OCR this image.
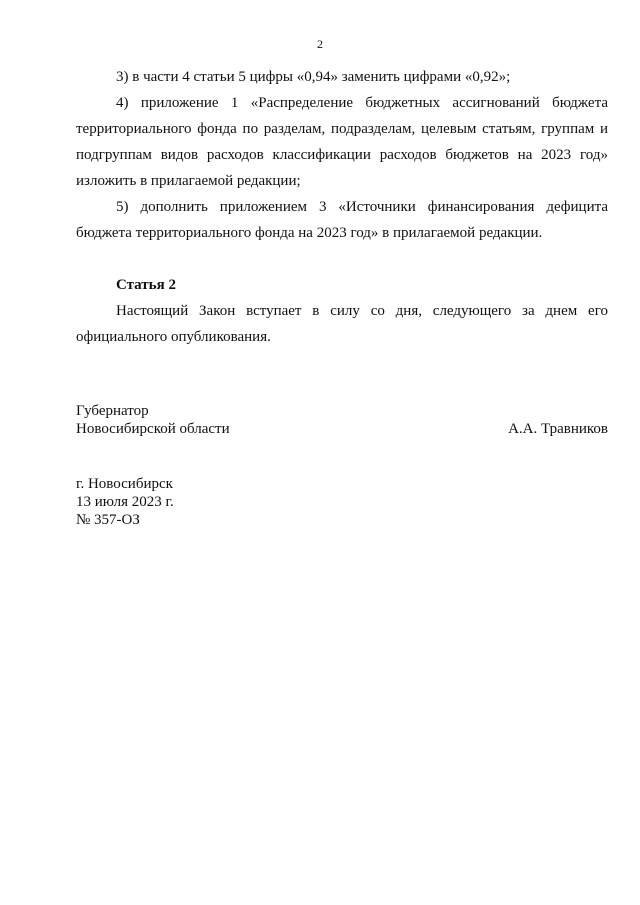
2

3) в части 4 статьи 5 цифры «0,94» заменить цифрами «0,92»;

4) приложение 1 «Распределение бюджетных ассигнований бюджета территориального фонда по разделам, подразделам, целевым статьям, группам и подгруппам видов расходов классификации расходов бюджетов на 2023 год» изложить в прилагаемой редакции;

5) дополнить приложением 3 «Источники финансирования дефицита бюджета территориального фонда на 2023 год» в прилагаемой редакции.

Статья 2

Настоящий Закон вступает в силу со дня, следующего за днем его официального опубликования.

Губернатор
Новосибирской области	А.А. Травников
г. Новосибирск
13 июля 2023 г.
№ 357-ОЗ
